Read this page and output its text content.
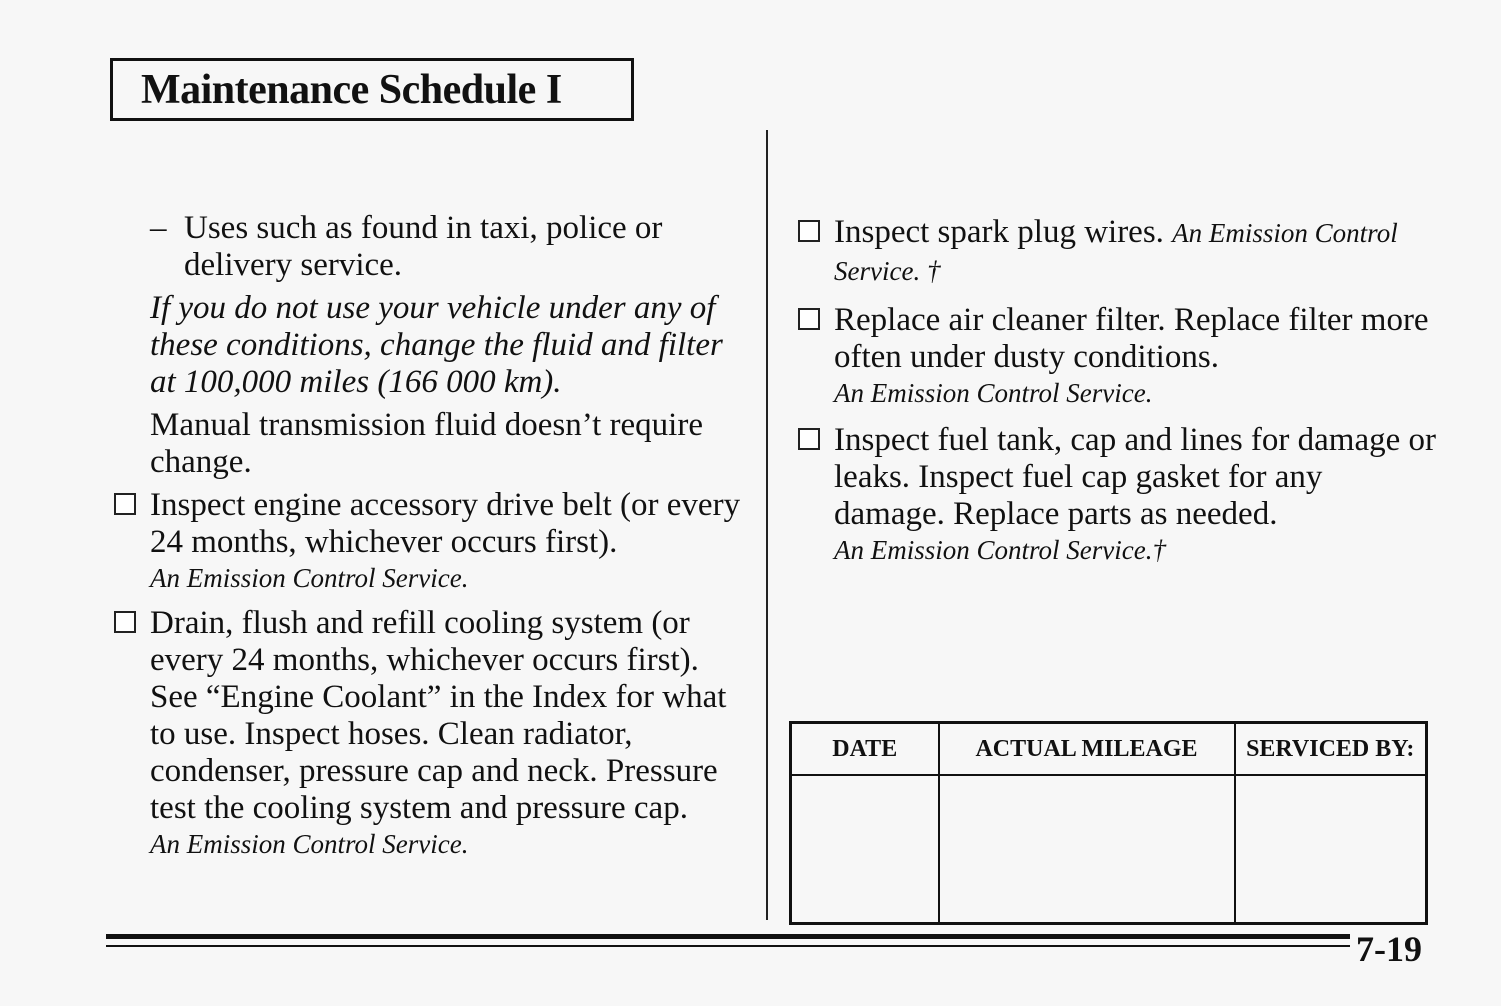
Maintenance Schedule I
– Uses such as found in taxi, police or delivery service.
If you do not use your vehicle under any of these conditions, change the fluid and filter at 100,000 miles (166 000 km).
Manual transmission fluid doesn’t require change.
Inspect engine accessory drive belt (or every 24 months, whichever occurs first).
An Emission Control Service.
Drain, flush and refill cooling system (or every 24 months, whichever occurs first). See “Engine Coolant” in the Index for what to use. Inspect hoses. Clean radiator, condenser, pressure cap and neck. Pressure test the cooling system and pressure cap.
An Emission Control Service.
Inspect spark plug wires. An Emission Control Service. †
Replace air cleaner filter. Replace filter more often under dusty conditions.
An Emission Control Service.
Inspect fuel tank, cap and lines for damage or leaks. Inspect fuel cap gasket for any damage. Replace parts as needed.
An Emission Control Service.†
DATE	ACTUAL MILEAGE	SERVICED BY:

7-19
